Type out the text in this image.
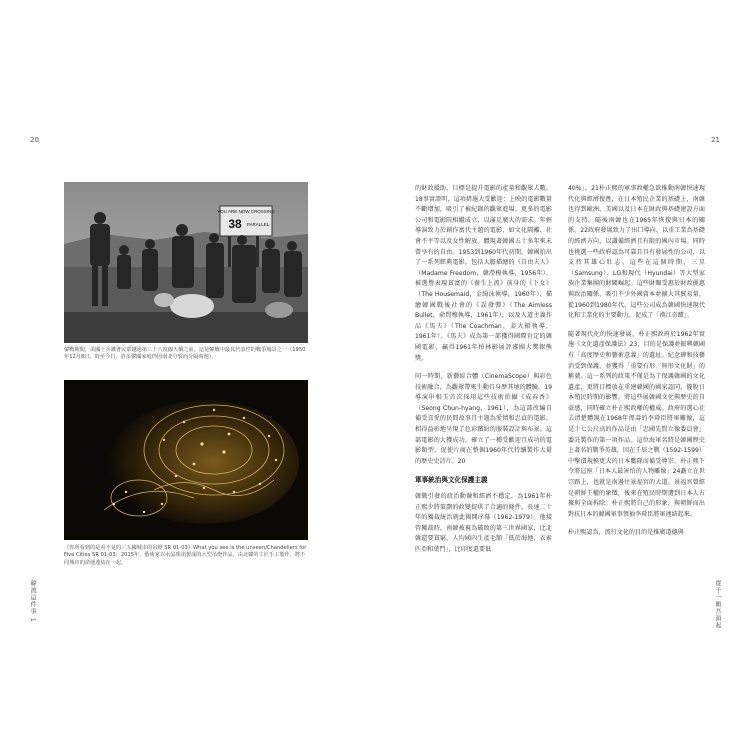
20	21
韓流這件事 1	從千一顆吾頭起
YOU ARE NOW CROSSING
38 PARALLEL
韓戰期間，美國士兵護著民眾越過第三十八度線大橋之前。這是韓戰中最具代表性的戰爭場景之一（1950年12月8日，時至今日，許多韓國家庭仍因南北分裂而分隔兩地）。
《你所看到的是看不見的／五國城市的吊燈 SR 01-03》What you see is the unseen/Chandeliers for Five Cities SR 01-03，2015年。藝術家以水晶珠串製成的大型吊燈作品，由北韓的工匠手工製作，將不同城市的命運連結在一起。

的財政援助，目標是提升電影的產量和觀眾人數。18事實證明，這項措施大受歡迎：上映的電影數量不斷增加，吸引了被紀錄的觀眾進場。更多的電影公司和電影院相繼成立，以滿足廣大的需求。年輕導演致力於創作富代主題的電影，如文化隔離、社會不平等以及女性解放。體現著韓國五十多年來未曾享有的自由。1953到1960年代初期，韓國拍出了一系列經典電影，包括大膽描繪的《自由夫人》（Madame Freedom，韓瀅模執導，1956年）、被選譽表現貧富的《養生上流》前身的《下女》（The Housemaid，金綺泳執導，1960年）、描繪韓國戰後社會的《誤發彈》（The Aimless Bullet，俞賢穆執導，1961年），以及人道主義作品《馬夫》（The Coachman，姜大振執導，1961年）。《馬夫》成為第一部獲得國際肯定的韓國電影，贏得1961年柏林影展評審團大獎銀熊獎。

同一時期，新藝綜合體（CinemaScope）與彩色技術融合，為觀眾帶來生動且身歷其境的體驗。19導演申相玉首次採用這些技術拍攝《成春香》（Seong Chun-hyang，1961），為這部改編自備受喜愛的民間故事且主題為愛情和忠貞的電影，相得益彰地呈現了色彩繽紛的服裝設計與布景。這部電影的大獲成功，確立了一種受歡迎且成功的電影類型，促使片商在整個1960年代持續製作大量的歷史史詩片。20

軍事統治與文化保護主義

韓戰引發的政治動盪和經濟不穩定，為1961年朴正熙少將策劃的政變提供了合適的條件。長達二十年的獨裁統治就此揭開序幕（1962-1979）。他接管獨裁時，南韓被視為破敗的第三世界國家，比北韓還要貧窮，人均國內生產毛額「低於海地、衣索匹亞和葉門」，比印度還要低

40%」。21朴正熙的軍事政權急欲推動南韓快速現代化與經濟復甦，在日本殖民企業的基礎上，南韓也得到歐洲、美國以及日本在財政與基礎建設方面的支持。隨後南韓也在1965年恢復與日本的關係。22政府發展致力了出口導向、以重工業為基礎的經濟方向，以識備經濟且有限的國內市場。同時也挑選一些政府認為可靠且具有發展性的公司，以支持其雄心壯志。這些在這個時期，三星（Samsung）、LG和現代（Hyundai）等大型家族企業集團的財閥崛起。這些財閥受惠於財政優惠與政治關係，吸引不少外國資本並擴大其貿易量，從1960到1980年代，這些公司成為韓國快速現代化和工業化的主要動力，促成了「漢江奇蹟」。

隨著現代化的快速發展，朴正熙政府於1962年實施《文化遺產保護法》23，目的是保護並振興韓國有「高度歷史和藝術意義」的遺址。紀念碑和技藝消受到保護，並獲得「重要有形／無形文化財」的稱號。這一系列的政策不僅是為了保護韓國的文化遺產，更將目標放在重建韓國的國家認同，擺脫日本殖民時期的影響。將這些展韓國文化與歷史的自豪感，同時確立朴正熙政權的權威。政府的選心社去清楚體現在1968年偉壽的李舜臣將軍雕像，這是十七公尺高的作品是由「忠國先賢立像委員會」委託製作的第一項作品。這位海軍名將是韓國歷史上著名的戰爭英雄，因在壬辰之戰（1592-1599）中擊潰規模更大的日本艦隊而備受尊崇。朴正熙下令將這座「日本人最害怕的人物雕像」24矗立在世宗路上，也就是南邊往景福宮的大道。景福宮曾經是朝鮮王權的象徵，後來在殖民時期遭到日本人占據與全面拆除。朴正熙將自己的形象，與朝鮮而出對抗日本的韓國軍事領袖李舜臣將軍連結起來。

朴正熙認為，流行文化的目的是推廣道德與
